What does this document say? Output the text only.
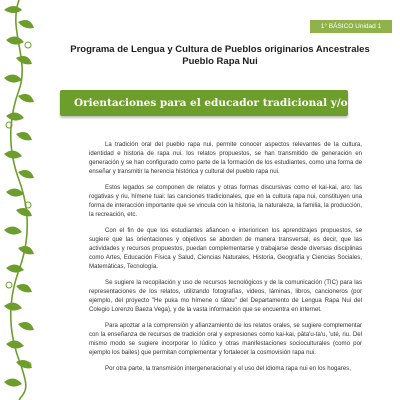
1° BÁSICO Unidad 1
Programa de Lengua y Cultura de Pueblos originarios Ancestrales
Pueblo Rapa Nui
Orientaciones para el educador tradicional y/o docente

La tradición oral del pueblo rapa nui, permite conocer aspectos relevantes de la cultura, identidad e historia de rapa nui. los relatos propuestos, se han transmitido de generación en generación y se han configurado como parte de la formación de los estudiantes, como una forma de enseñar y transmitir la herencia histórica y cultural del pueblo rapa nui.

Estos legados se componen de relatos y otras formas discursivas como el kai-kai, aro: las rogativas y riu, hímene tuai: las canciones tradicionales, que en la cultura rapa nui, constituyen una forma de interacción importante que se vincula con la historia, la naturaleza, la familia, la producción, la recreación, etc.

Con el fin de que los estudiantes afiancen e interioricen los aprendizajes propuestos, se sugiere que las orientaciones y objetivos se aborden de manera transversal, es decir, que las actividades y recursos propuestos, puedan complementarse y trabajarse desde diversas disciplinas como Artes, Educación Física y Salud, Ciencias Naturales, Historia, Geografía y Ciencias Sociales, Matemáticas, Tecnología.

Se sugiere la recopilación y uso de recursos tecnológicos y de la comunicación (TIC) para las representaciones de los relatos, utilizando fotografías, videos, láminas, libros, cancioneros (por ejemplo, del proyecto "He puka mo hímene o tātou" del Departamento de Lengua Rapa Nui del Colegio Lorenzo Baeza Vega), y de la vasta información que se encuentra en internet.

Para apoztar a la comprensión y afianzamiento de los relatos orales, se sugiere complementar con la enseñanza de recursos de tradición oral y expresiones como kai-kai, pāta'u-ta'u, 'uté, riu. Del mismo modo se sugiere incorporar lo lúdico y otras manifestaciones socioculturales (como por ejemplo los bailes) que permitan complementar y fortalecer la cosmovisión rapa nui.

Por otra parte, la transmisión intergeneracional y el uso del idioma rapa nui en los hogares,
